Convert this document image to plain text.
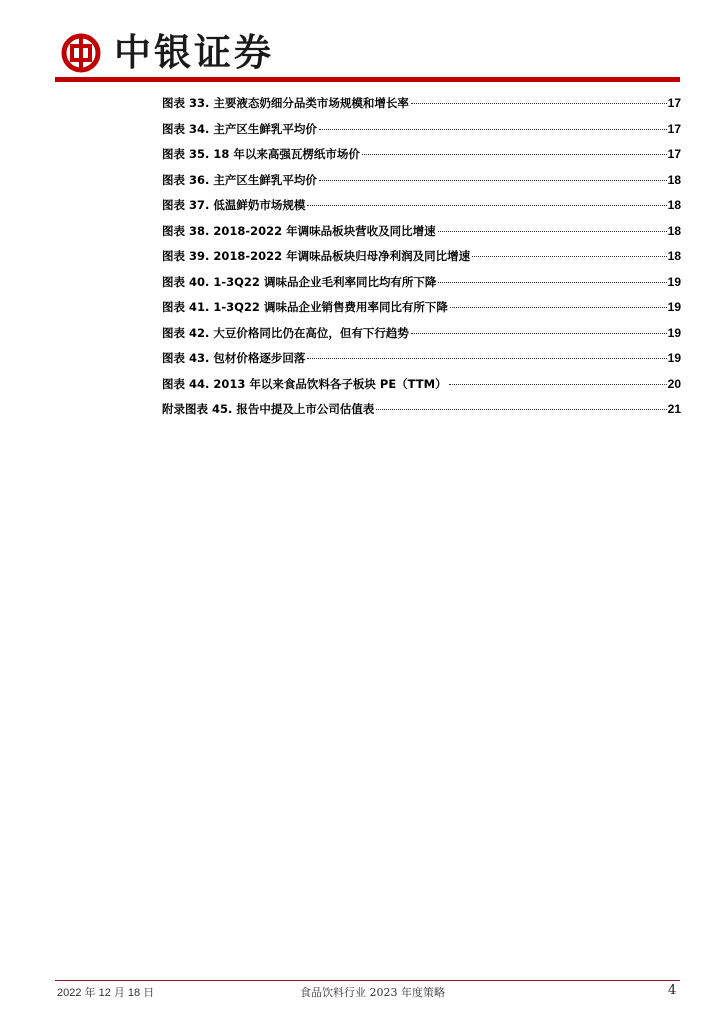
中银证券
图表 33. 主要液态奶细分品类市场规模和增长率	17
图表 34. 主产区生鲜乳平均价	17
图表 35. 18 年以来高强瓦楞纸市场价	17
图表 36. 主产区生鲜乳平均价	18
图表 37. 低温鲜奶市场规模	18
图表 38. 2018-2022 年调味品板块营收及同比增速	18
图表 39. 2018-2022 年调味品板块归母净利润及同比增速	18
图表 40. 1-3Q22 调味品企业毛利率同比均有所下降	19
图表 41. 1-3Q22 调味品企业销售费用率同比有所下降	19
图表 42. 大豆价格同比仍在高位，但有下行趋势	19
图表 43. 包材价格逐步回落	19
图表 44. 2013 年以来食品饮料各子板块 PE（TTM）	20
附录图表 45. 报告中提及上市公司估值表	21
2022 年 12 月 18 日	食品饮料行业 2023 年度策略	4
